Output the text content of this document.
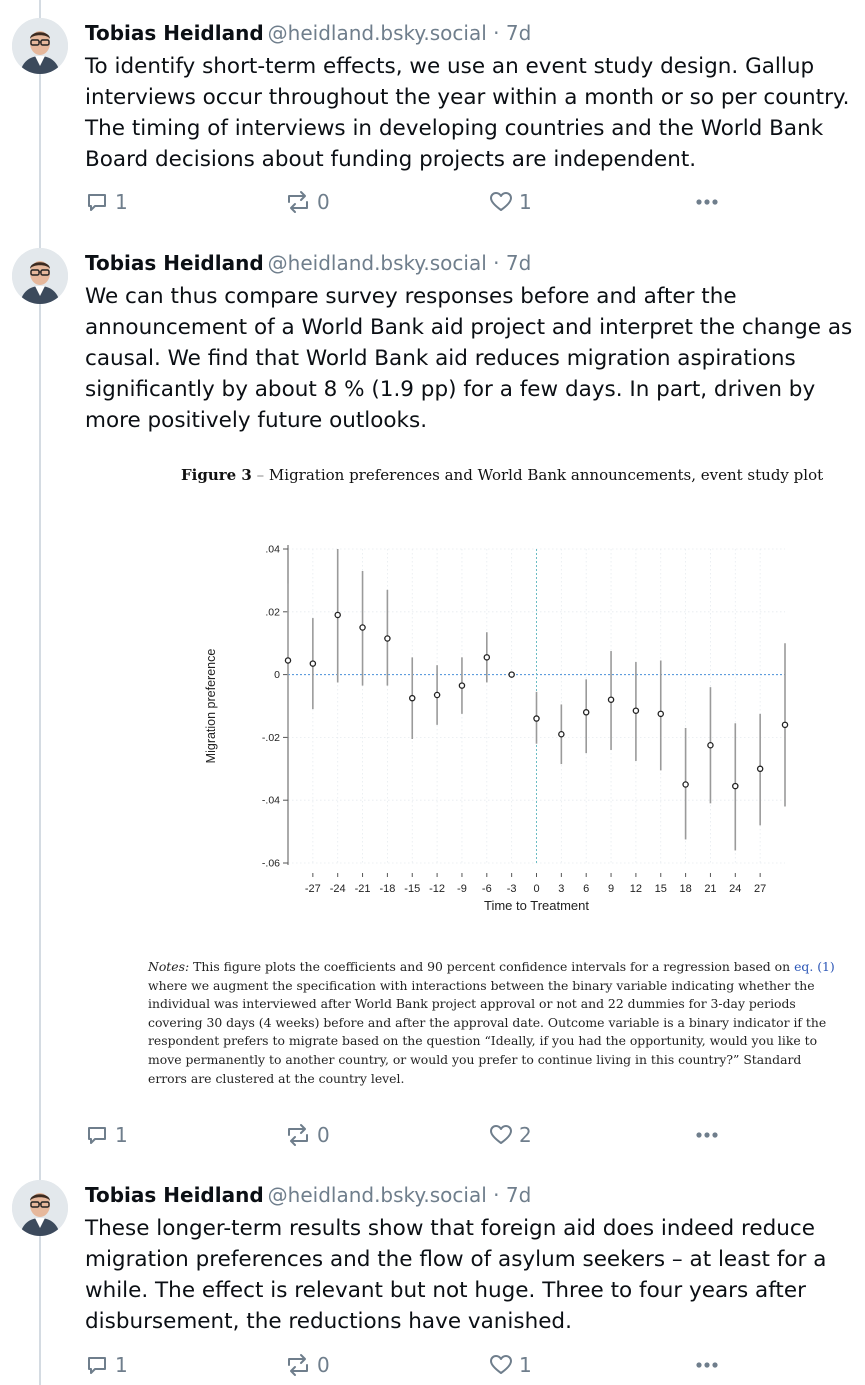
Tobias Heidland @heidland.bsky.social · 7d
To identify short-term effects, we use an event study design. Gallup interviews occur throughout the year within a month or so per country. The timing of interviews in developing countries and the World Bank Board decisions about funding projects are independent.
1	0	1
Tobias Heidland @heidland.bsky.social · 7d
We can thus compare survey responses before and after the announcement of a World Bank aid project and interpret the change as causal. We find that World Bank aid reduces migration aspirations significantly by about 8 % (1.9 pp) for a few days. In part, driven by more positively future outlooks.
Figure 3 – Migration preferences and World Bank announcements, event study plot
.04
.02
0
-.02
-.04
-.06
-27 -24 -21 -18 -15 -12 -9 -6 -3 0 3 6 9 12 15 18 21 24 27
Time to Treatment
Migration preference
Notes: This figure plots the coefficients and 90 percent confidence intervals for a regression based on eq. (1) where we augment the specification with interactions between the binary variable indicating whether the individual was interviewed after World Bank project approval or not and 22 dummies for 3-day periods covering 30 days (4 weeks) before and after the approval date. Outcome variable is a binary indicator if the respondent prefers to migrate based on the question “Ideally, if you had the opportunity, would you like to move permanently to another country, or would you prefer to continue living in this country?” Standard errors are clustered at the country level.
1	0	2
Tobias Heidland @heidland.bsky.social · 7d
These longer-term results show that foreign aid does indeed reduce migration preferences and the flow of asylum seekers – at least for a while. The effect is relevant but not huge. Three to four years after disbursement, the reductions have vanished.
1	0	1
